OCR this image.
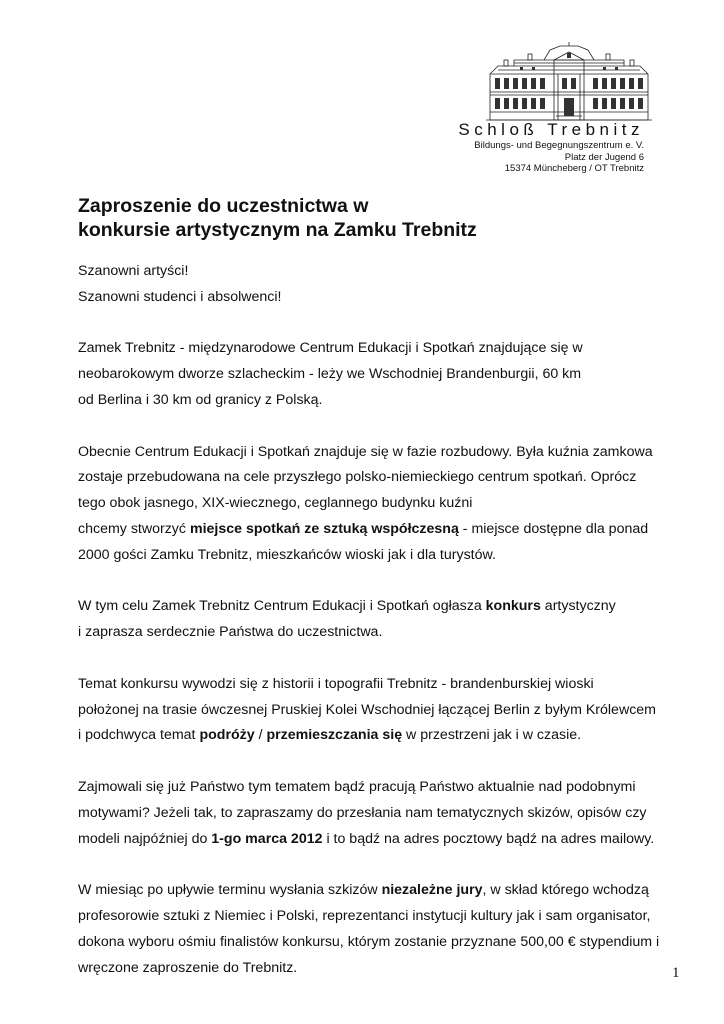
Schloß Trebnitz
Bildungs- und Begegnungszentrum e. V.
Platz der Jugend 6
15374 Müncheberg / OT Trebnitz
Zaproszenie do uczestnictwa w
konkursie artystycznym na Zamku Trebnitz
Szanowni artyści!
Szanowni studenci i absolwenci!
Zamek Trebnitz - międzynarodowe Centrum Edukacji i Spotkań znajdujące się w
neobarokowym dworze szlacheckim - leży we Wschodniej Brandenburgii, 60 km
od Berlina i 30 km od granicy z Polską.
Obecnie Centrum Edukacji i Spotkań znajduje się w fazie rozbudowy. Była kuźnia zamkowa
zostaje przebudowana na cele przyszłego polsko-niemieckiego centrum spotkań. Oprócz
tego obok jasnego, XIX-wiecznego, ceglannego budynku kuźni
chcemy stworzyć miejsce spotkań ze sztuką współczesną - miejsce dostępne dla ponad
2000 gości Zamku Trebnitz, mieszkańców wioski jak i dla turystów.
W tym celu Zamek Trebnitz Centrum Edukacji i Spotkań ogłasza konkurs artystyczny
i zaprasza serdecznie Państwa do uczestnictwa.
Temat konkursu wywodzi się z historii i topografii Trebnitz - brandenburskiej wioski
położonej na trasie ówczesnej Pruskiej Kolei Wschodniej łączącej Berlin z byłym Królewcem
i podchwyca temat podróży / przemieszczania się w przestrzeni jak i w czasie.
Zajmowali się już Państwo tym tematem bądź pracują Państwo aktualnie nad podobnymi
motywami? Jeżeli tak, to zapraszamy do przesłania nam tematycznych skizów, opisów czy
modeli najpóźniej do 1-go marca 2012 i to bądź na adres pocztowy bądź na adres mailowy.
W miesiąc po upływie terminu wysłania szkizów niezależne jury, w skład którego wchodzą
profesorowie sztuki z Niemiec i Polski, reprezentanci instytucji kultury jak i sam organisator,
dokona wyboru ośmiu finalistów konkursu, którym zostanie przyznane 500,00 € stypendium i
wręczone zaproszenie do Trebnitz.	1
